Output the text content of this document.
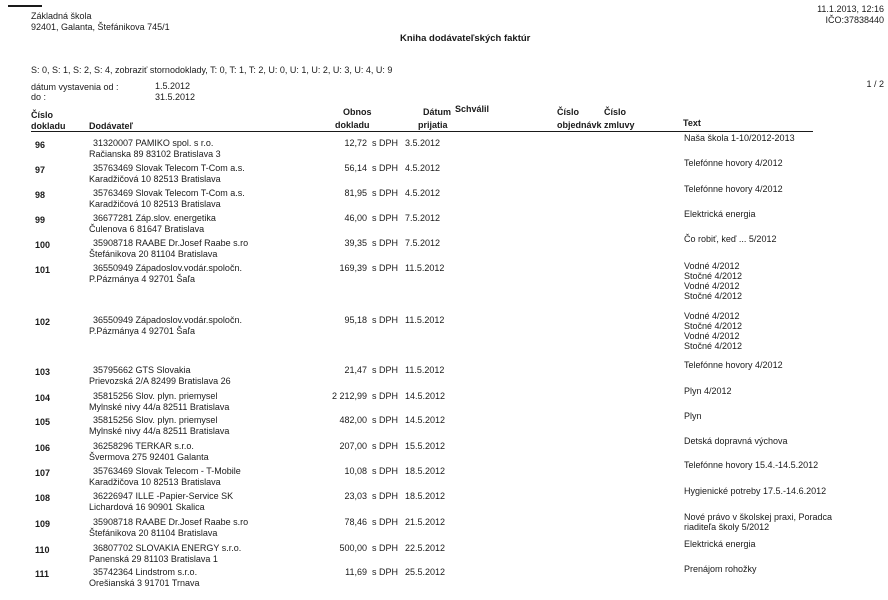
Základná škola
92401, Galanta, Štefánikova 745/1
11.1.2013, 12:16
IČO:37838440
Kniha dodávateľských faktúr
S: 0, S: 1, S: 2, S: 4, zobraziť stornodoklady, T: 0, T: 1, T: 2, U: 0, U: 1, U: 2, U: 3, U: 4, U: 9
dátum vystavenia od :	1.5.2012
do :	31.5.2012
1 / 2
Číslo
dokladu	Dodávateľ
Obnos
dokladu
Dátum
prijatia
Schválil	Číslo
objednávk
Číslo
zmluvy	Text
96	31320007 PAMIKO spol. s r.o.
Račianska 89 83102 Bratislava 3
12,72 s DPH 3.5.2012	Naša škola 1-10/2012-2013
97	35763469 Slovak Telecom T-Com a.s.
Karadžičová 10 82513 Bratislava
56,14 s DPH 4.5.2012	Telefónne hovory 4/2012
98	35763469 Slovak Telecom T-Com a.s.
Karadžičová 10 82513 Bratislava
81,95 s DPH 4.5.2012	Telefónne hovory 4/2012
99	36677281 Záp.slov. energetika
Čulenova 6 81647 Bratislava
46,00 s DPH 7.5.2012	Elektrická energia
100	35908718 RAABE Dr.Josef Raabe s.ro
Štefánikova 20 81104 Bratislava
39,35 s DPH 7.5.2012	Čo robiť, keď ... 5/2012
101	36550949 Západoslov.vodár.spoločn.
P.Pázmánya 4 92701 Šaľa
169,39 s DPH 11.5.2012	Vodné 4/2012
Stočné 4/2012
Vodné 4/2012
Stočné 4/2012
102	36550949 Západoslov.vodár.spoločn.
P.Pázmánya 4 92701 Šaľa
95,18 s DPH 11.5.2012	Vodné 4/2012
Stočné 4/2012
Vodné 4/2012
Stočné 4/2012
103	35795662 GTS Slovakia
Prievozská 2/A 82499 Bratislava 26
21,47 s DPH 11.5.2012	Telefónne hovory 4/2012
104	35815256 Slov. plyn. priemysel
Mylnské nivy 44/a 82511 Bratislava
2 212,99 s DPH 14.5.2012	Plyn 4/2012
105	35815256 Slov. plyn. priemysel
Mylnské nivy 44/a 82511 Bratislava
482,00 s DPH 14.5.2012	Plyn
106	36258296 TERKAR s.r.o.
Švermova 275 92401 Galanta
207,00 s DPH 15.5.2012	Detská dopravná výchova
107	35763469 Slovak Telecom - T-Mobile
Karadžičova 10 82513 Bratislava
10,08 s DPH 18.5.2012
Telefónne hovory 15.4.-14.5.2012
108	36226947 ILLE -Papier-Service SK
Lichardová 16 90901 Skalica
23,03 s DPH 18.5.2012	Hygienické potreby 17.5.-14.6.2012
109	35908718 RAABE Dr.Josef Raabe s.ro
Štefánikova 20 81104 Bratislava
78,46 s DPH 21.5.2012	Nové právo v školskej praxi, Poradca
riaditeľa školy 5/2012
110	36807702 SLOVAKIA ENERGY s.r.o.
Panenská 29 81103 Bratislava 1
500,00 s DPH 22.5.2012	Elektrická energia
111	35742364 Lindstrom s.r.o.
Orešianská 3 91701 Trnava
11,69 s DPH 25.5.2012	Prenájom rohožky
